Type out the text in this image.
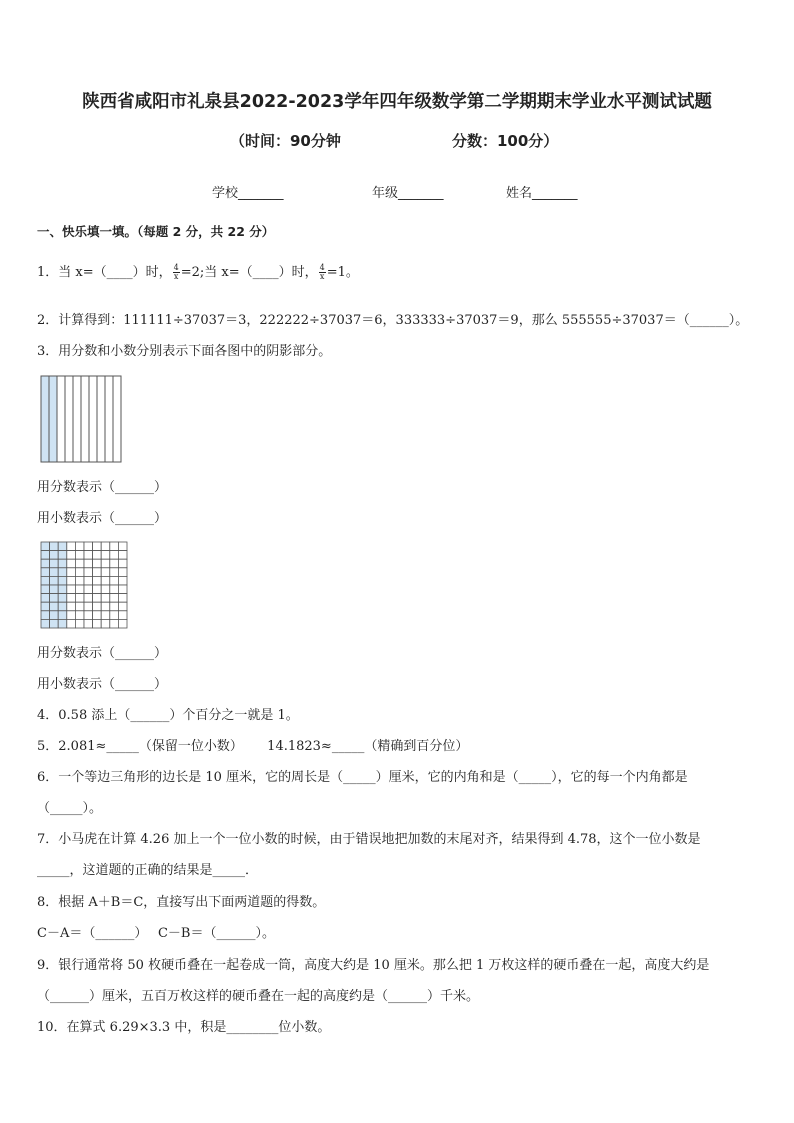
陕西省咸阳市礼泉县2022-2023学年四年级数学第二学期期末学业水平测试试题
（时间：90分钟	分数：100分）
学校_______	年级_______	姓名_______
一、快乐填一填。（每题 2 分，共 22 分）
1．当 x=（____）时， $\frac{4}{x} =2$;当 x=（____）时， $\frac{4}{x} =1$。
2．计算得到：111111÷37037＝3，222222÷37037＝6，333333÷37037＝9，那么 555555÷37037＝（______）。
3．用分数和小数分别表示下面各图中的阴影部分。
用分数表示（______）
用小数表示（______）
用分数表示（______）
用小数表示（______）
4．0.58 添上（______）个百分之一就是 1。
5．2.081≈_____（保留一位小数） 14.1823≈_____（精确到百分位）
6．一个等边三角形的边长是 10 厘米，它的周长是（_____）厘米，它的内角和是（_____），它的每一个内角都是
（_____）。
7．小马虎在计算 4.26 加上一个一位小数的时候，由于错误地把加数的末尾对齐，结果得到 4.78，这个一位小数是
_____，这道题的正确的结果是_____．
8．根据 A＋B＝C，直接写出下面两道题的得数。
C－A＝（______）　 C－B＝（______）。
9．银行通常将 50 枚硬币叠在一起卷成一筒，高度大约是 10 厘米。那么把 1 万枚这样的硬币叠在一起，高度大约是
（______）厘米，五百万枚这样的硬币叠在一起的高度约是（______）千米。
10．在算式 6.29×3.3 中，积是________位小数。
